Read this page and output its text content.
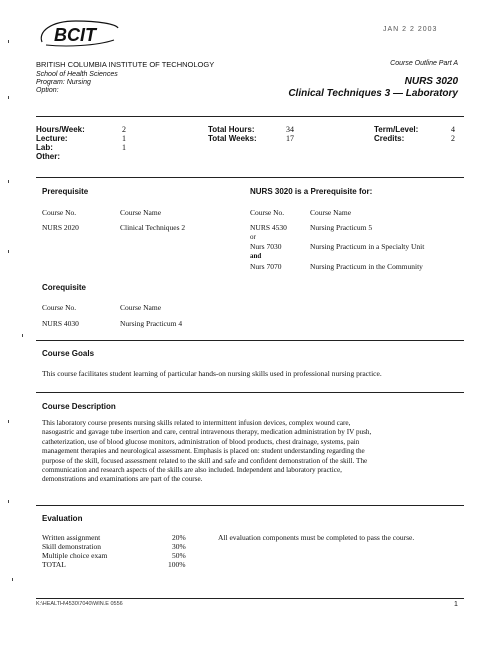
BCIT	JAN 2 2 2003
BRITISH COLUMBIA INSTITUTE OF TECHNOLOGY
School of Health Sciences
Program: Nursing
Option:
Course Outline Part A
NURS 3020
Clinical Techniques 3 — Laboratory
Hours/Week:	2
Lecture:	1
Lab:	1
Other:
Total Hours:	34
Total Weeks:	17
Term/Level:	4
Credits:	2
Prerequisite
Course No.	Course Name
NURS 2020	Clinical Techniques 2
NURS 3020 is a Prerequisite for:
Course No.	Course Name
NURS 4530	Nursing Practicum 5
or
Nurs 7030	Nursing Practicum in a Specialty Unit
and
Nurs 7070	Nursing Practicum in the Community
Corequisite
Course No.	Course Name
NURS 4030	Nursing Practicum 4
Course Goals
This course facilitates student learning of particular hands-on nursing skills used in professional nursing practice.
Course Description
This laboratory course presents nursing skills related to intermittent infusion devices, complex wound care,
nasogastric and gavage tube insertion and care, central intravenous therapy, medication administration by IV push,
catheterization, use of blood glucose monitors, administration of blood products, chest drainage, systems, pain
management therapies and neurological assessment. Emphasis is placed on: student understanding regarding the
purpose of the skill, focused assessment related to the skill and safe and confident demonstration of the skill. The
communication and research aspects of the skills are also included. Independent and laboratory practice,
demonstrations and examinations are part of the course.
Evaluation
Written assignment	20%
Skill demonstration	30%
Multiple choice exam	50%
TOTAL	100%
All evaluation components must be completed to pass the course.
K:\HEALTH\4530\7040\WIN.E 0556	1
